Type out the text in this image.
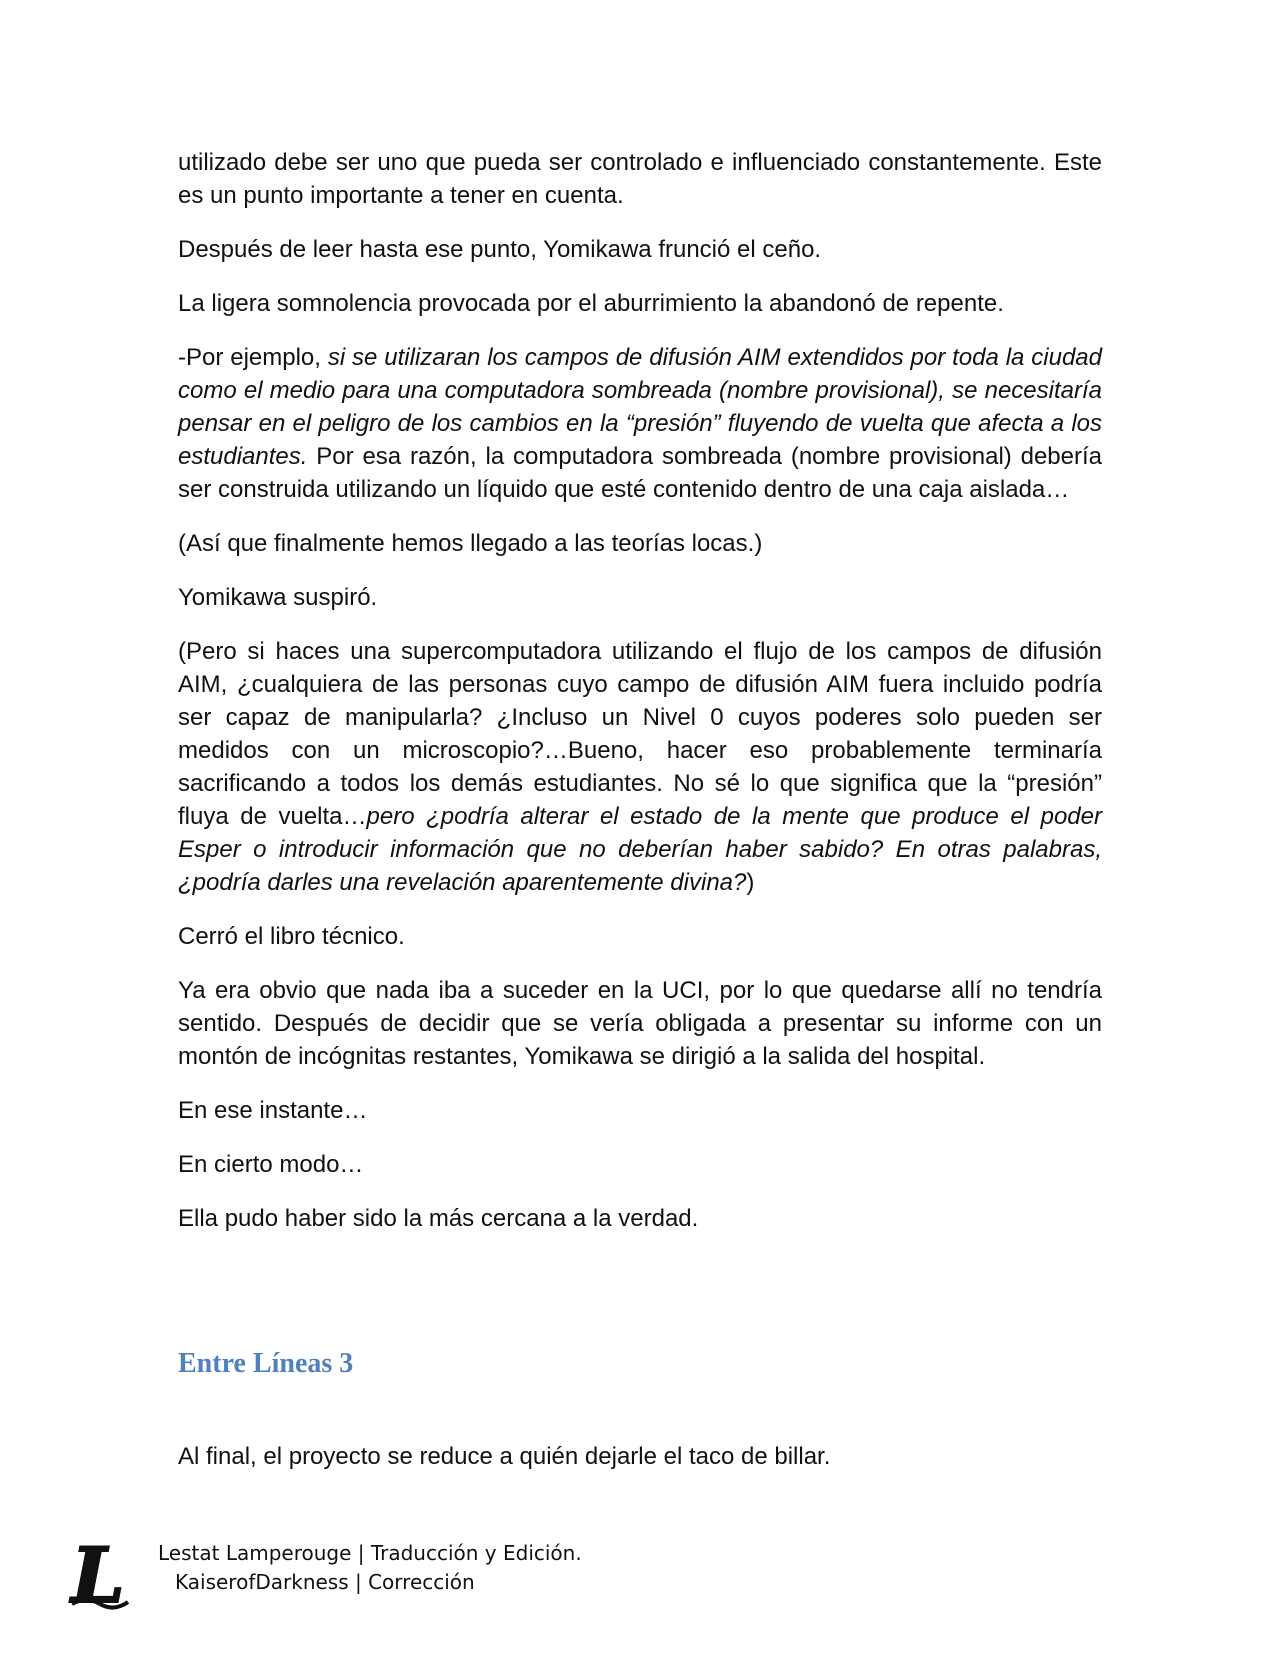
utilizado debe ser uno que pueda ser controlado e influenciado constantemente. Este es un punto importante a tener en cuenta.

Después de leer hasta ese punto, Yomikawa frunció el ceño.

La ligera somnolencia provocada por el aburrimiento la abandonó de repente.

-Por ejemplo, si se utilizaran los campos de difusión AIM extendidos por toda la ciudad como el medio para una computadora sombreada (nombre provisional), se necesitaría pensar en el peligro de los cambios en la “presión” fluyendo de vuelta que afecta a los estudiantes. Por esa razón, la computadora sombreada (nombre provisional) debería ser construida utilizando un líquido que esté contenido dentro de una caja aislada…

(Así que finalmente hemos llegado a las teorías locas.)

Yomikawa suspiró.

(Pero si haces una supercomputadora utilizando el flujo de los campos de difusión AIM, ¿cualquiera de las personas cuyo campo de difusión AIM fuera incluido podría ser capaz de manipularla? ¿Incluso un Nivel 0 cuyos poderes solo pueden ser medidos con un microscopio?…Bueno, hacer eso probablemente terminaría sacrificando a todos los demás estudiantes. No sé lo que significa que la “presión” fluya de vuelta…pero ¿podría alterar el estado de la mente que produce el poder Esper o introducir información que no deberían haber sabido? En otras palabras, ¿podría darles una revelación aparentemente divina?)

Cerró el libro técnico.

Ya era obvio que nada iba a suceder en la UCI, por lo que quedarse allí no tendría sentido. Después de decidir que se vería obligada a presentar su informe con un montón de incógnitas restantes, Yomikawa se dirigió a la salida del hospital.

En ese instante…

En cierto modo…

Ella pudo haber sido la más cercana a la verdad.

Entre Líneas 3

Al final, el proyecto se reduce a quién dejarle el taco de billar.

L Lestat Lamperouge | Traducción y Edición.
KaiserofDarkness | Corrección
